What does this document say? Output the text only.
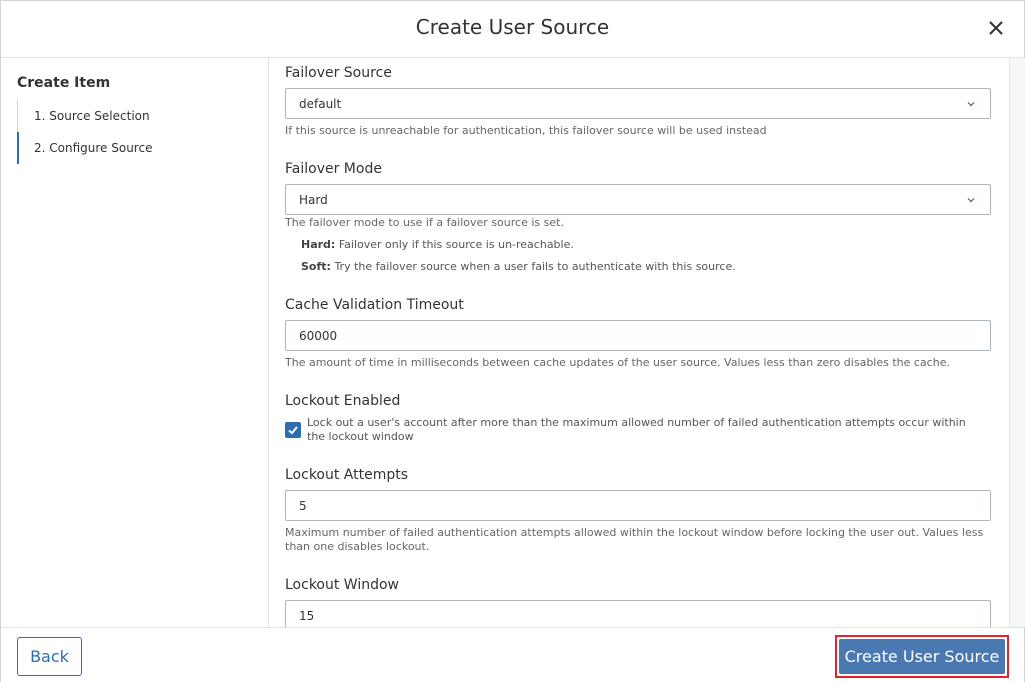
Create User Source
Create Item
1. Source Selection
2. Configure Source
Failover Source
default
If this source is unreachable for authentication, this failover source will be used instead
Failover Mode
Hard
The failover mode to use if a failover source is set.
Hard: Failover only if this source is un-reachable.
Soft: Try the failover source when a user fails to authenticate with this source.
Cache Validation Timeout
60000
The amount of time in milliseconds between cache updates of the user source. Values less than zero disables the cache.
Lockout Enabled
Lock out a user's account after more than the maximum allowed number of failed authentication attempts occur within the lockout window
Lockout Attempts
5
Maximum number of failed authentication attempts allowed within the lockout window before locking the user out. Values less than one disables lockout.
Lockout Window
15
Back	Create User Source
